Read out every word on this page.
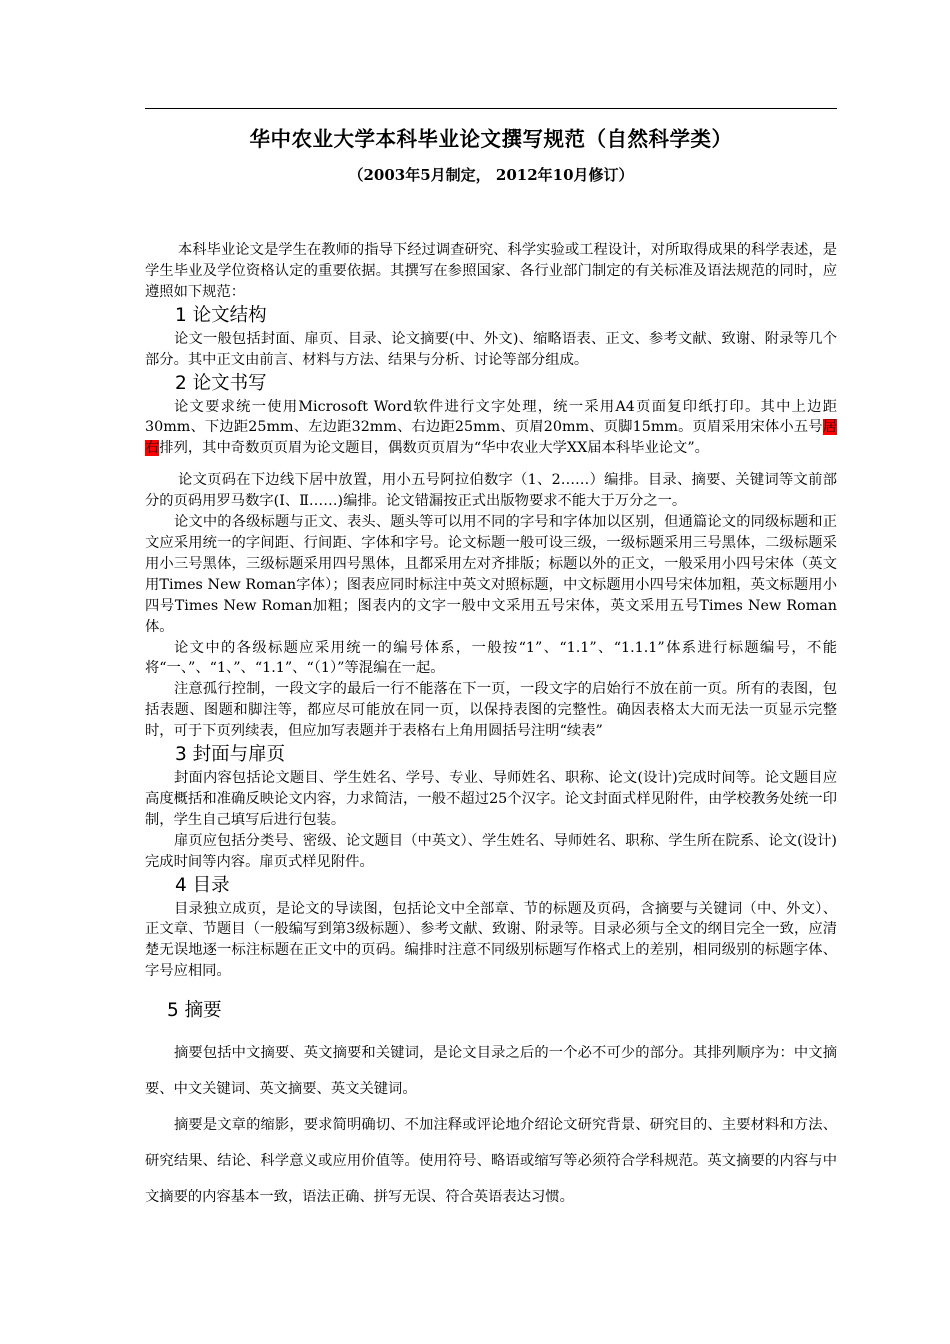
华中农业大学本科毕业论文撰写规范（自然科学类）
（2003年5月制定， 2012年10月修订）

本科毕业论文是学生在教师的指导下经过调查研究、科学实验或工程设计，对所取得成果的科学表述，是学生毕业及学位资格认定的重要依据。其撰写在参照国家、各行业部门制定的有关标准及语法规范的同时，应遵照如下规范：

1 论文结构

论文一般包括封面、扉页、目录、论文摘要(中、外文)、缩略语表、正文、参考文献、致谢、附录等几个部分。其中正文由前言、材料与方法、结果与分析、讨论等部分组成。

2 论文书写

论文要求统一使用Microsoft Word软件进行文字处理，统一采用A4页面复印纸打印。其中上边距30mm、下边距25mm、左边距32mm、右边距25mm、页眉20mm、页脚15mm。页眉采用宋体小五号居右排列，其中奇数页页眉为论文题目，偶数页页眉为“华中农业大学XX届本科毕业论文”。

论文页码在下边线下居中放置，用小五号阿拉伯数字（1、2……）编排。目录、摘要、关键词等文前部分的页码用罗马数字(Ⅰ、Ⅱ……)编排。论文错漏按正式出版物要求不能大于万分之一。

论文中的各级标题与正文、表头、题头等可以用不同的字号和字体加以区别，但通篇论文的同级标题和正文应采用统一的字间距、行间距、字体和字号。论文标题一般可设三级，一级标题采用三号黑体，二级标题采用小三号黑体，三级标题采用四号黑体，且都采用左对齐排版；标题以外的正文，一般采用小四号宋体（英文用Times New Roman字体）；图表应同时标注中英文对照标题，中文标题用小四号宋体加粗，英文标题用小四号Times New Roman加粗；图表内的文字一般中文采用五号宋体，英文采用五号Times New Roman体。

论文中的各级标题应采用统一的编号体系，一般按“1”、“1.1”、“1.1.1”体系进行标题编号，不能将“一、”、“1、”、“1.1”、“（1）”等混编在一起。

注意孤行控制，一段文字的最后一行不能落在下一页，一段文字的启始行不放在前一页。所有的表图，包括表题、图题和脚注等，都应尽可能放在同一页，以保持表图的完整性。确因表格太大而无法一页显示完整时，可于下页列续表，但应加写表题并于表格右上角用圆括号注明“续表”

3 封面与扉页

封面内容包括论文题目、学生姓名、学号、专业、导师姓名、职称、论文(设计)完成时间等。论文题目应高度概括和准确反映论文内容，力求简洁，一般不超过25个汉字。论文封面式样见附件，由学校教务处统一印制，学生自己填写后进行包装。

扉页应包括分类号、密级、论文题目（中英文）、学生姓名、导师姓名、职称、学生所在院系、论文(设计)完成时间等内容。扉页式样见附件。

4 目录

目录独立成页，是论文的导读图，包括论文中全部章、节的标题及页码，含摘要与关键词（中、外文）、正文章、节题目（一般编写到第3级标题）、参考文献、致谢、附录等。目录必须与全文的纲目完全一致，应清楚无误地逐一标注标题在正文中的页码。编排时注意不同级别标题写作格式上的差别，相同级别的标题字体、字号应相同。

5 摘要

摘要包括中文摘要、英文摘要和关键词，是论文目录之后的一个必不可少的部分。其排列顺序为：中文摘要、中文关键词、英文摘要、英文关键词。

摘要是文章的缩影，要求简明确切、不加注释或评论地介绍论文研究背景、研究目的、主要材料和方法、研究结果、结论、科学意义或应用价值等。使用符号、略语或缩写等必须符合学科规范。英文摘要的内容与中文摘要的内容基本一致，语法正确、拼写无误、符合英语表达习惯。
